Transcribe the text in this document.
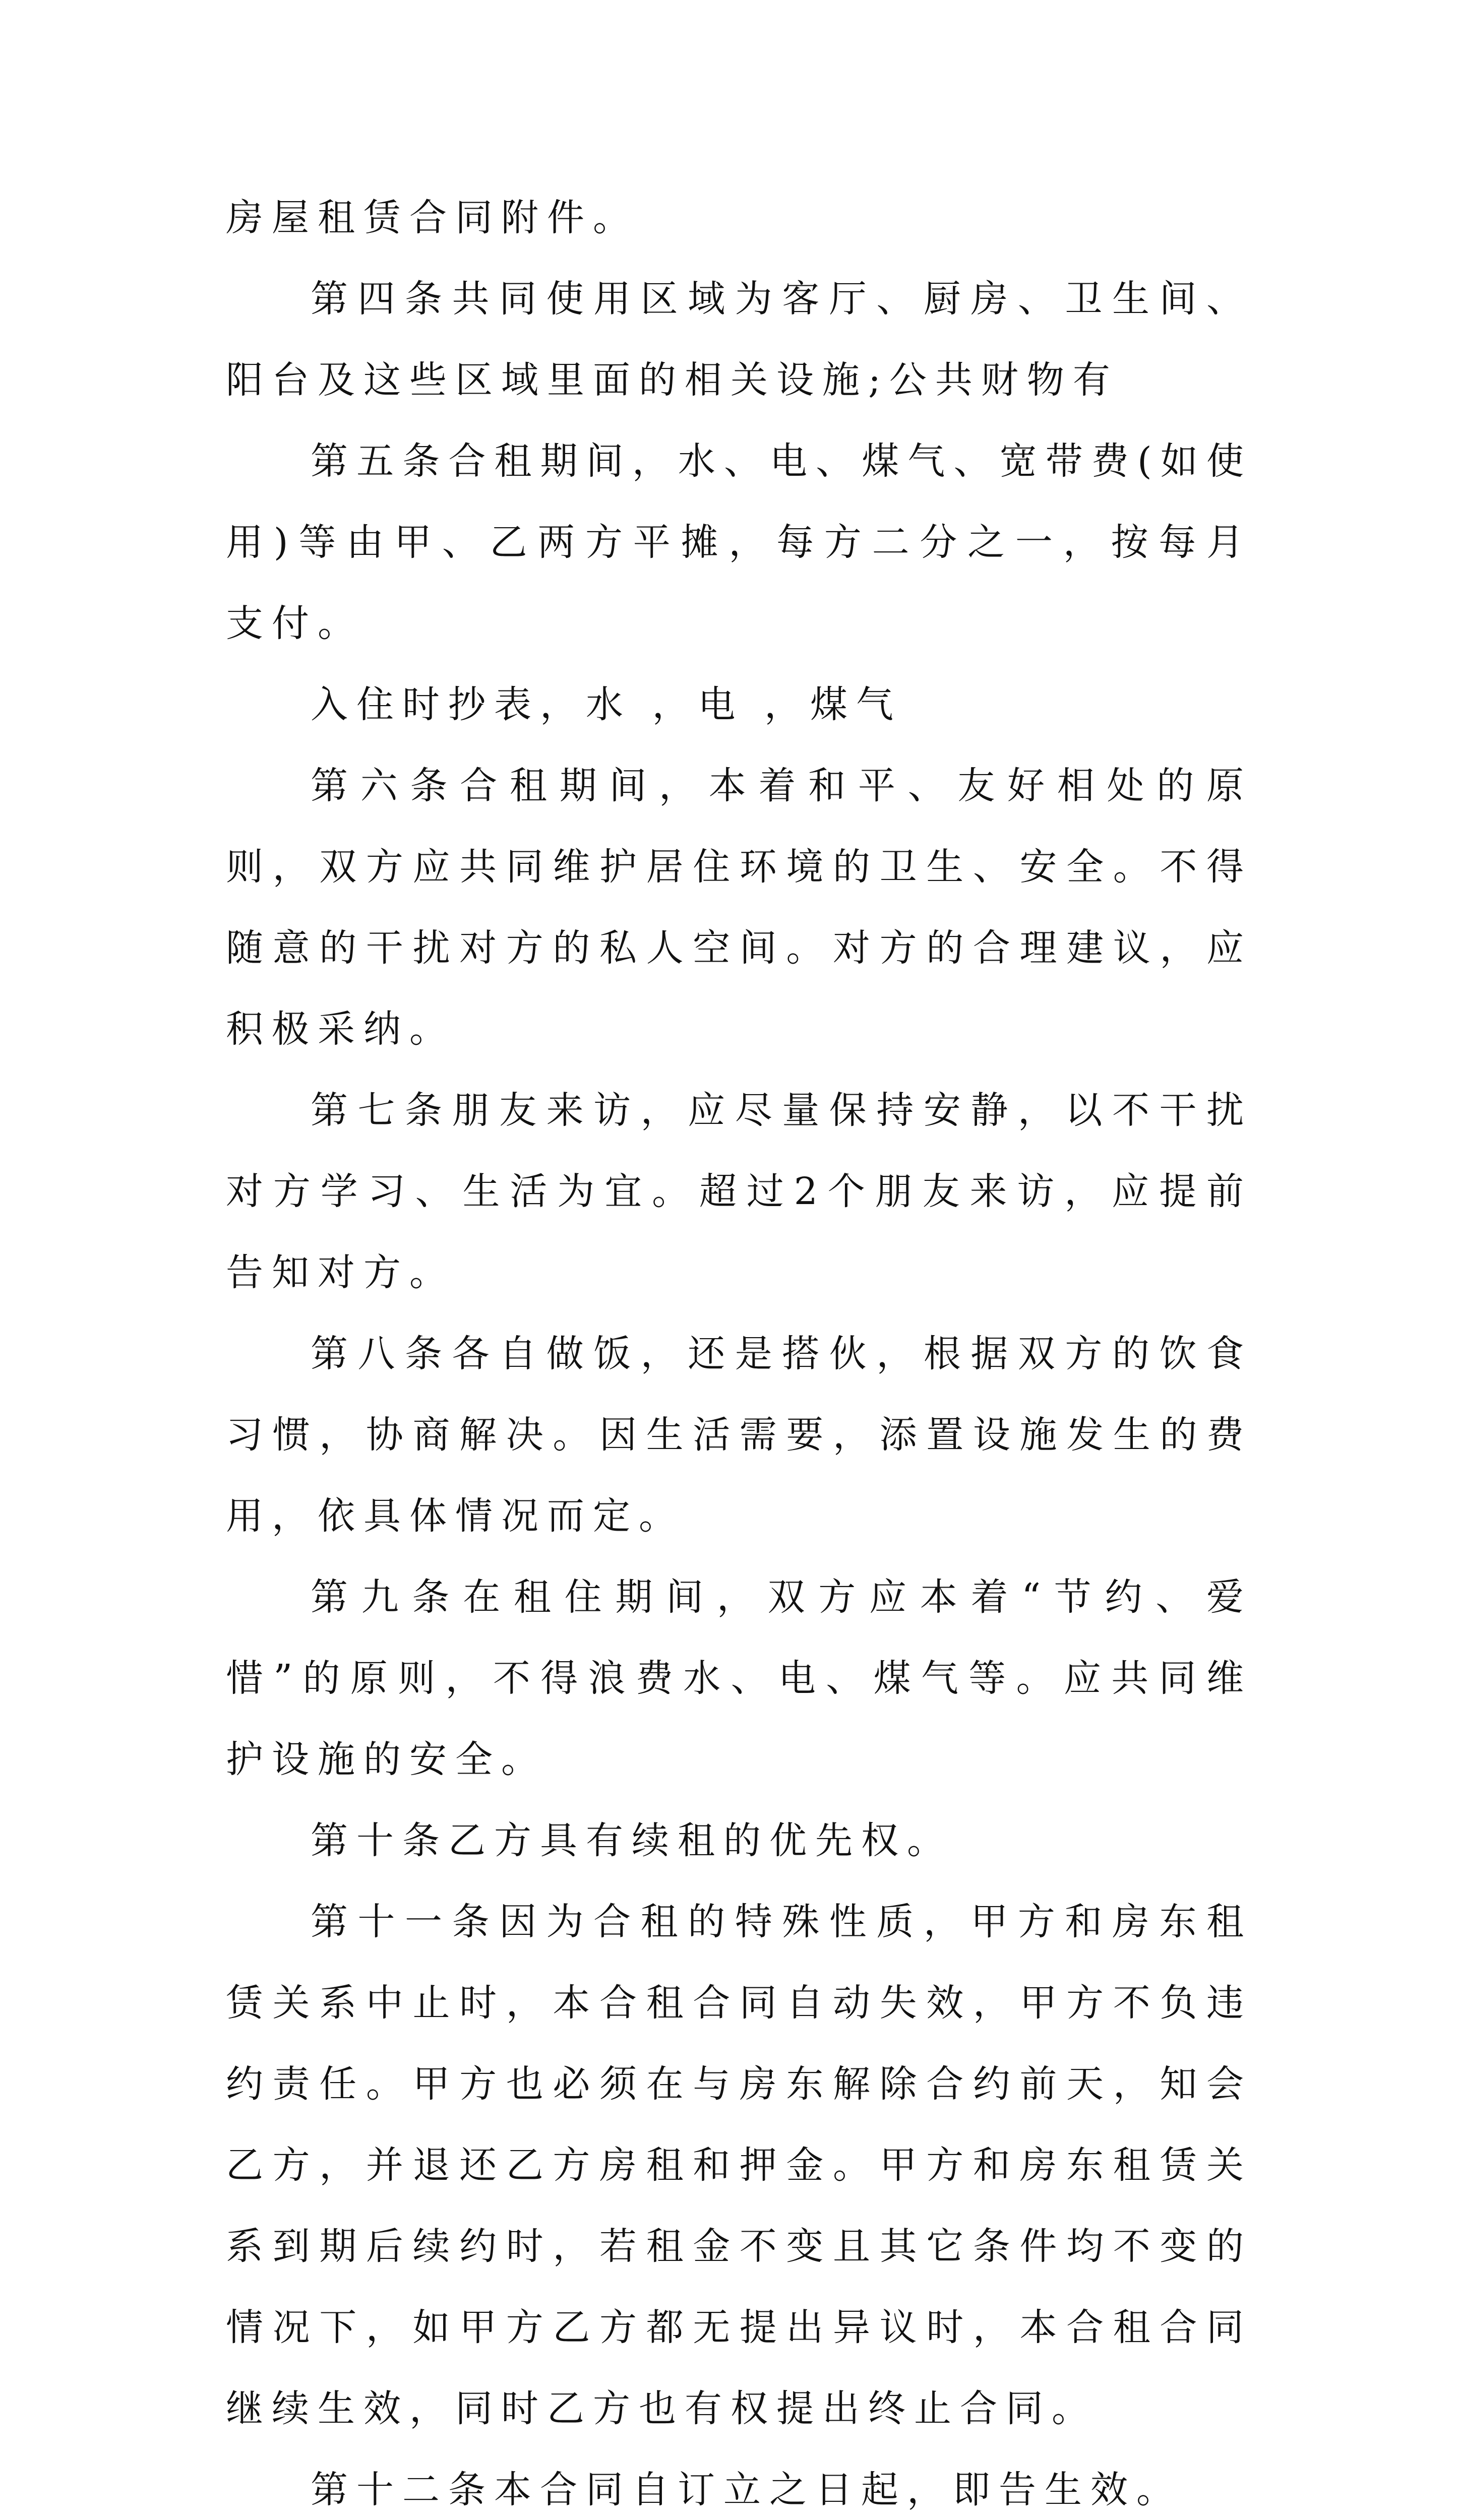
房屋租赁合同附件。

第四条共同使用区域为客厅、厨房、卫生间、阳台及这些区域里面的相关设施;公共财物有

第五条合租期间，水、电、煤气、宽带费(如使用)等由甲、乙两方平摊，每方二分之一，按每月支付。

入住时抄表，水 ，电 ，煤气

第六条合租期间，本着和平、友好相处的原则，双方应共同维护居住环境的卫生、安全。不得随意的干扰对方的私人空间。对方的合理建议，应积极采纳。

第七条朋友来访，应尽量保持安静，以不干扰对方学习、生活为宜。超过2个朋友来访，应提前告知对方。

第八条各自做饭，还是搭伙，根据双方的饮食习惯，协商解决。因生活需要，添置设施发生的费用，依具体情况而定。

第九条在租住期间，双方应本着“节约、爱惜”的原则，不得浪费水、电、煤气等。应共同维护设施的安全。

第十条乙方具有续租的优先权。

第十一条因为合租的特殊性质，甲方和房东租赁关系中止时，本合租合同自动失效，甲方不负违约责任。甲方也必须在与房东解除合约前天，知会乙方，并退还乙方房租和押金。甲方和房东租赁关系到期后续约时，若租金不变且其它条件均不变的情况下，如甲方乙方都无提出异议时，本合租合同继续生效，同时乙方也有权提出终止合同。

第十二条本合同自订立之日起，即告生效。
